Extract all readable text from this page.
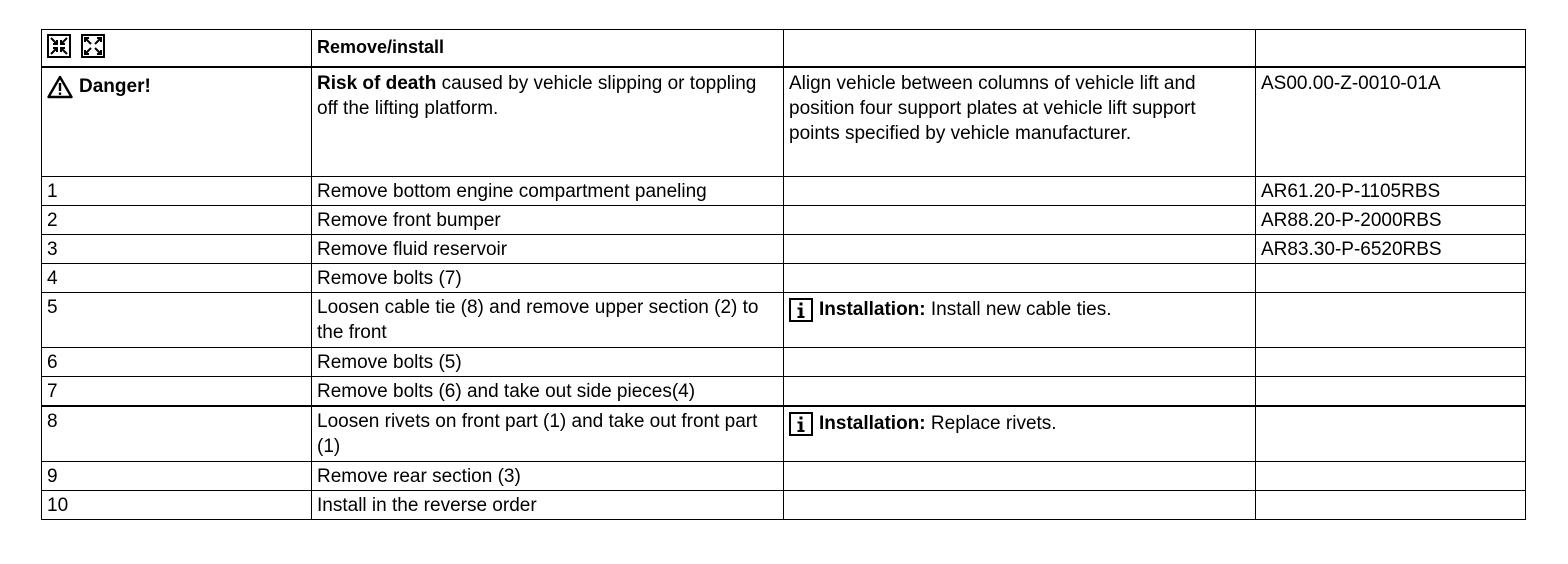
	Remove/install		

Danger!	Risk of death caused by vehicle slipping or toppling off the lifting platform.	Align vehicle between columns of vehicle lift and position four support plates at vehicle lift support points specified by vehicle manufacturer.	AS00.00-Z-0010-01A
1	Remove bottom engine compartment paneling		AR61.20-P-1105RBS
2	Remove front bumper		AR88.20-P-2000RBS
3	Remove fluid reservoir		AR83.30-P-6520RBS
4	Remove bolts (7)		
5	Loosen cable tie (8) and remove upper section (2) to the front	Installation: Install new cable ties.	

6	Remove bolts (5)		
7	Remove bolts (6) and take out side pieces(4)		
8	Loosen rivets on front part (1) and take out front part (1)	Installation: Replace rivets.	

9	Remove rear section (3)		
10	Install in the reverse order		
